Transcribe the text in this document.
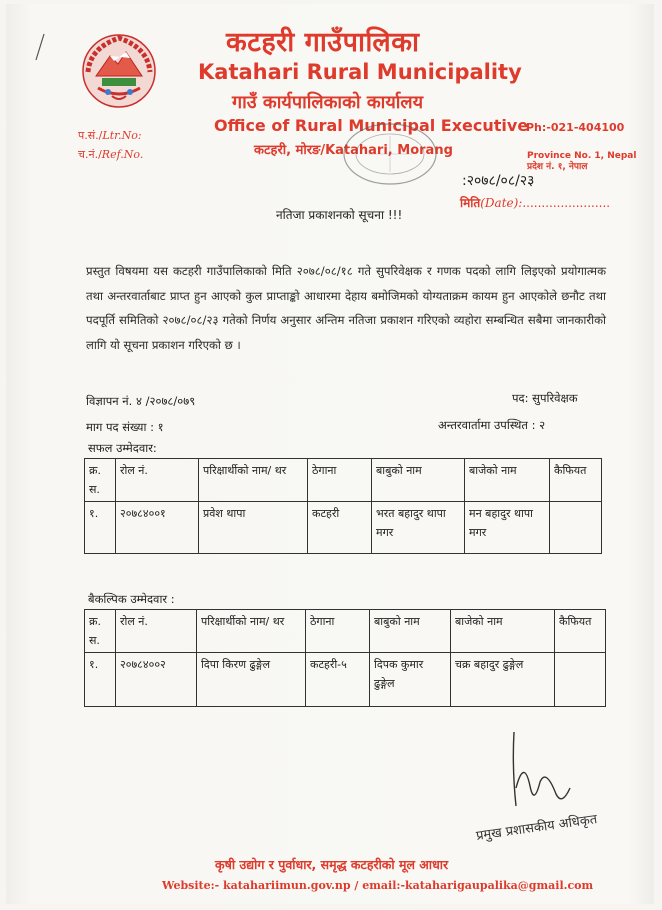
कटहरी गाउँपालिका
Katahari Rural Municipality
गाउँ कार्यपालिकाको कार्यालय
Office of Rural Municipal Executive
कटहरी, मोरङ/Katahari, Morang
Ph:-021-404100
Province No. 1, Nepal
प्रदेश नं. १, नेपाल
प.सं./Ltr.No:
च.नं./Ref.No.
:२०७८/०८/२३
मिति(Date):.......................
नतिजा प्रकाशनको सूचना !!!
प्रस्तुत विषयमा यस कटहरी गाउँपालिकाको मिति २०७८/०८/१८ गते सुपरिवेक्षक र गणक पदको लागि लिइएको प्रयोगात्मक तथा अन्तरवार्ताबाट प्राप्त हुन आएको कुल प्राप्ताङ्को आधारमा देहाय बमोजिमको योग्यताक्रम कायम हुन आएकोले छनौट तथा पदपूर्ति समितिको २०७८/०८/२३ गतेको निर्णय अनुसार अन्तिम नतिजा प्रकाशन गरिएको व्यहोरा सम्बन्धित सबैमा जानकारीको लागि यो सूचना प्रकाशन गरिएको छ ।
विज्ञापन नं. ४ /२०७८/०७९	पद: सुपरिवेक्षक
माग पद संख्या : १	अन्तरवार्तामा उपस्थित : २
सफल उम्मेदवार:
क्र. स.	रोल नं.	परिक्षार्थीको नाम/ थर	ठेगाना	बाबुको नाम	बाजेको नाम	कैफियत
१.	२०७८४००१	प्रवेश थापा	कटहरी	भरत बहादुर थापा मगर	मन बहादुर थापा मगर	
बैकल्पिक उम्मेदवार :
क्र. स.	रोल नं.	परिक्षार्थीको नाम/ थर	ठेगाना	बाबुको नाम	बाजेको नाम	कैफियत
१.	२०७८४००२	दिपा किरण ढुङ्गेल	कटहरी-५	दिपक कुमार ढुङ्गेल	चक्र बहादुर ढुङ्गेल	
प्रमुख प्रशासकीय अधिकृत
कृषी उद्योग र पुर्वाधार, समृद्ध कटहरीको मूल आधार
Website:- katahariimun.gov.np / email:-kataharigaupalika@gmail.com
